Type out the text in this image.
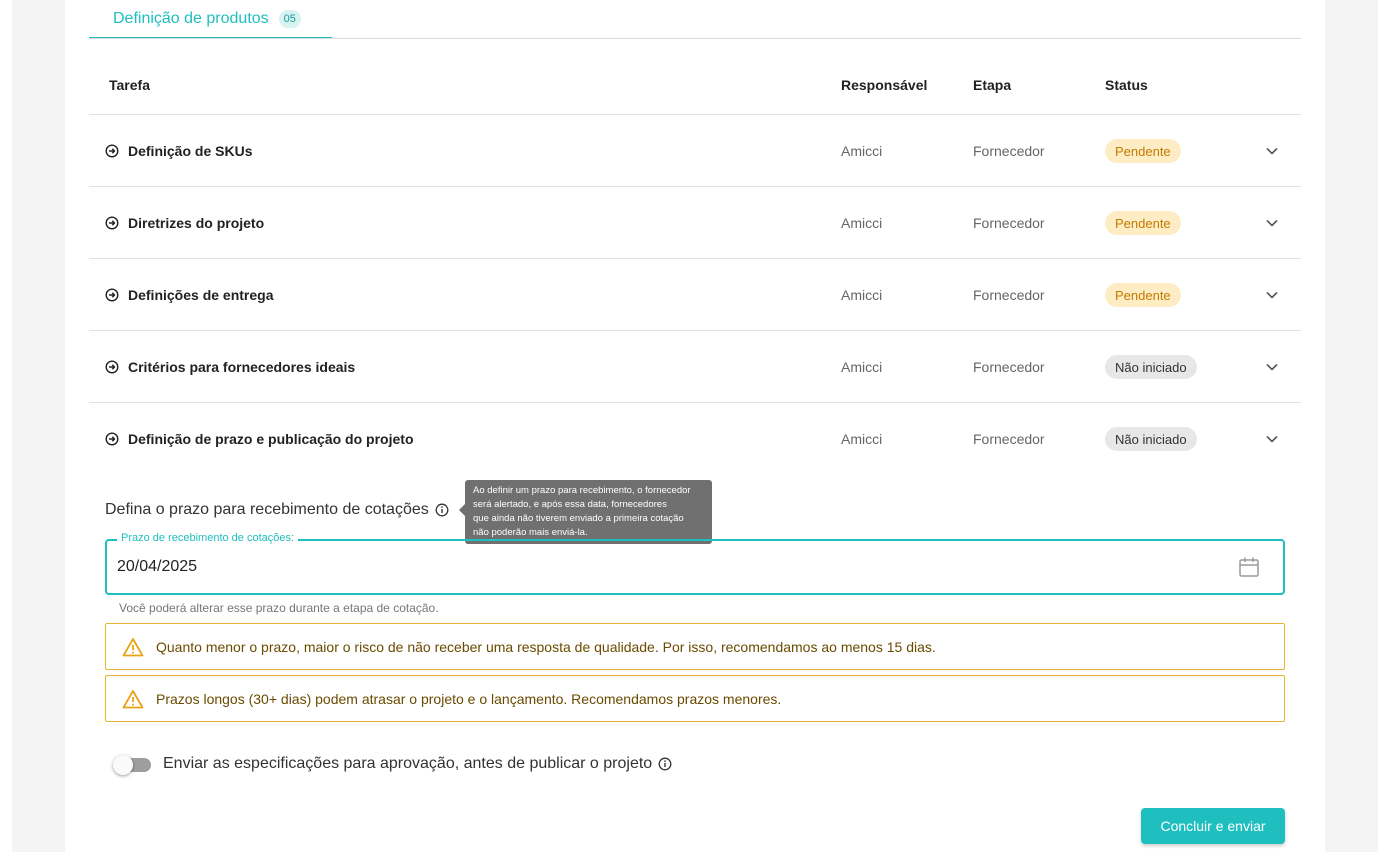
Definição de produtos	05
Tarefa	Responsável	Etapa	Status
Definição de SKUs	Amicci	Fornecedor	Pendente
Diretrizes do projeto	Amicci	Fornecedor	Pendente
Definições de entrega	Amicci	Fornecedor	Pendente
Critérios para fornecedores ideais	Amicci	Fornecedor	Não iniciado
Definição de prazo e publicação do projeto	Amicci	Fornecedor	Não iniciado
Defina o prazo para recebimento de cotações
Ao definir um prazo para recebimento, o fornecedor
será alertado, e após essa data, fornecedores
que ainda não tiverem enviado a primeira cotação
não poderão mais enviá-la.
Prazo de recebimento de cotações:
20/04/2025
Você poderá alterar esse prazo durante a etapa de cotação.
Quanto menor o prazo, maior o risco de não receber uma resposta de qualidade. Por isso, recomendamos ao menos 15 dias.
Prazos longos (30+ dias) podem atrasar o projeto e o lançamento. Recomendamos prazos menores.
Enviar as especificações para aprovação, antes de publicar o projeto
Concluir e enviar
